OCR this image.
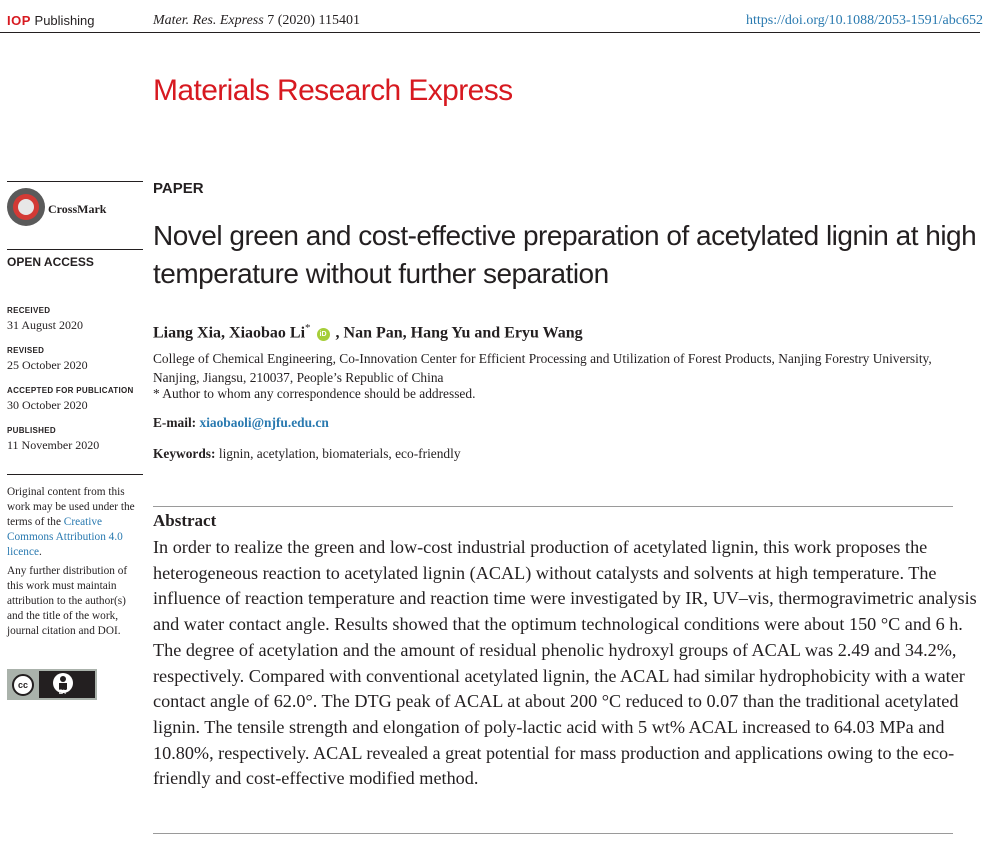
IOP Publishing	Mater. Res. Express 7 (2020) 115401	https://doi.org/10.1088/2053-1591/abc652
Materials Research Express
CrossMark
OPEN ACCESS
RECEIVED
31 August 2020
REVISED
25 October 2020
ACCEPTED FOR PUBLICATION
30 October 2020
PUBLISHED
11 November 2020

Original content from this work may be used under the terms of the Creative Commons Attribution 4.0 licence.

Any further distribution of this work must maintain attribution to the author(s) and the title of the work, journal citation and DOI.

cc
BY
PAPER
Novel green and cost-effective preparation of acetylated lignin at high temperature without further separation
Liang Xia, Xiaobao Li* iD , Nan Pan, Hang Yu and Eryu Wang
College of Chemical Engineering, Co-Innovation Center for Efficient Processing and Utilization of Forest Products, Nanjing Forestry University, Nanjing, Jiangsu, 210037, People’s Republic of China
* Author to whom any correspondence should be addressed.
E-mail: xiaobaoli@njfu.edu.cn
Keywords: lignin, acetylation, biomaterials, eco-friendly
Abstract
In order to realize the green and low-cost industrial production of acetylated lignin, this work proposes the heterogeneous reaction to acetylated lignin (ACAL) without catalysts and solvents at high temperature. The influence of reaction temperature and reaction time were investigated by IR, UV–vis, thermogravimetric analysis and water contact angle. Results showed that the optimum technological conditions were about 150 °C and 6 h. The degree of acetylation and the amount of residual phenolic hydroxyl groups of ACAL was 2.49 and 34.2%, respectively. Compared with conventional acetylated lignin, the ACAL had similar hydrophobicity with a water contact angle of 62.0°. The DTG peak of ACAL at about 200 °C reduced to 0.07 than the traditional acetylated lignin. The tensile strength and elongation of poly-lactic acid with 5 wt% ACAL increased to 64.03 MPa and 10.80%, respectively. ACAL revealed a great potential for mass production and applications owing to the eco-friendly and cost-effective modified method.
